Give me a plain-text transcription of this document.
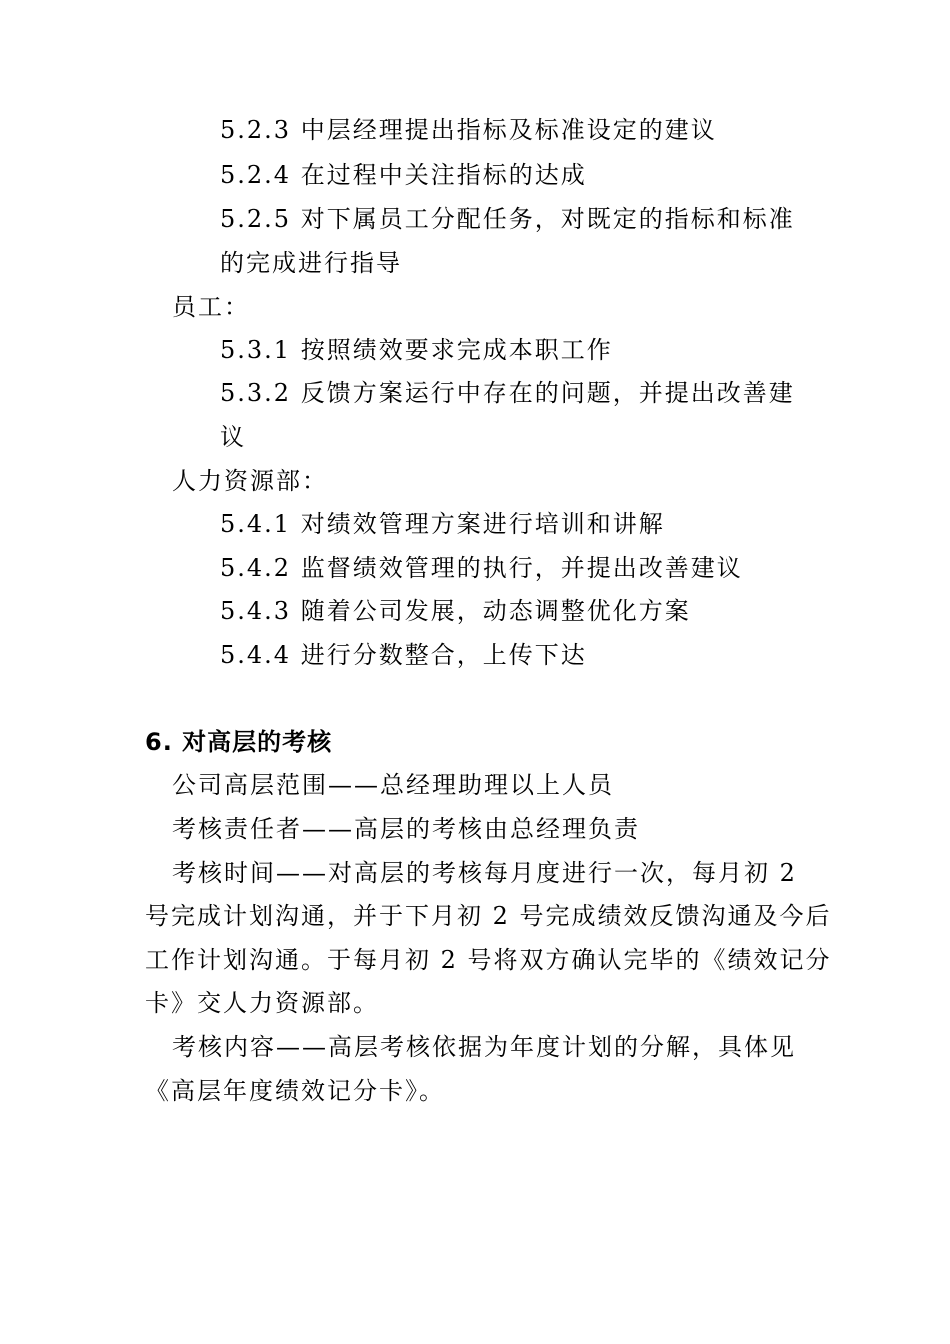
5.2.3 中层经理提出指标及标准设定的建议
5.2.4 在过程中关注指标的达成
5.2.5 对下属员工分配任务，对既定的指标和标准
的完成进行指导
员工：
5.3.1 按照绩效要求完成本职工作
5.3.2 反馈方案运行中存在的问题，并提出改善建
议
人力资源部：
5.4.1 对绩效管理方案进行培训和讲解
5.4.2 监督绩效管理的执行，并提出改善建议
5.4.3 随着公司发展，动态调整优化方案
5.4.4 进行分数整合，上传下达
6. 对高层的考核
公司高层范围——总经理助理以上人员
考核责任者——高层的考核由总经理负责
考核时间——对高层的考核每月度进行一次，每月初 2
号完成计划沟通，并于下月初 2 号完成绩效反馈沟通及今后
工作计划沟通。于每月初 2 号将双方确认完毕的《绩效记分
卡》交人力资源部。
考核内容——高层考核依据为年度计划的分解，具体见
《高层年度绩效记分卡》。
